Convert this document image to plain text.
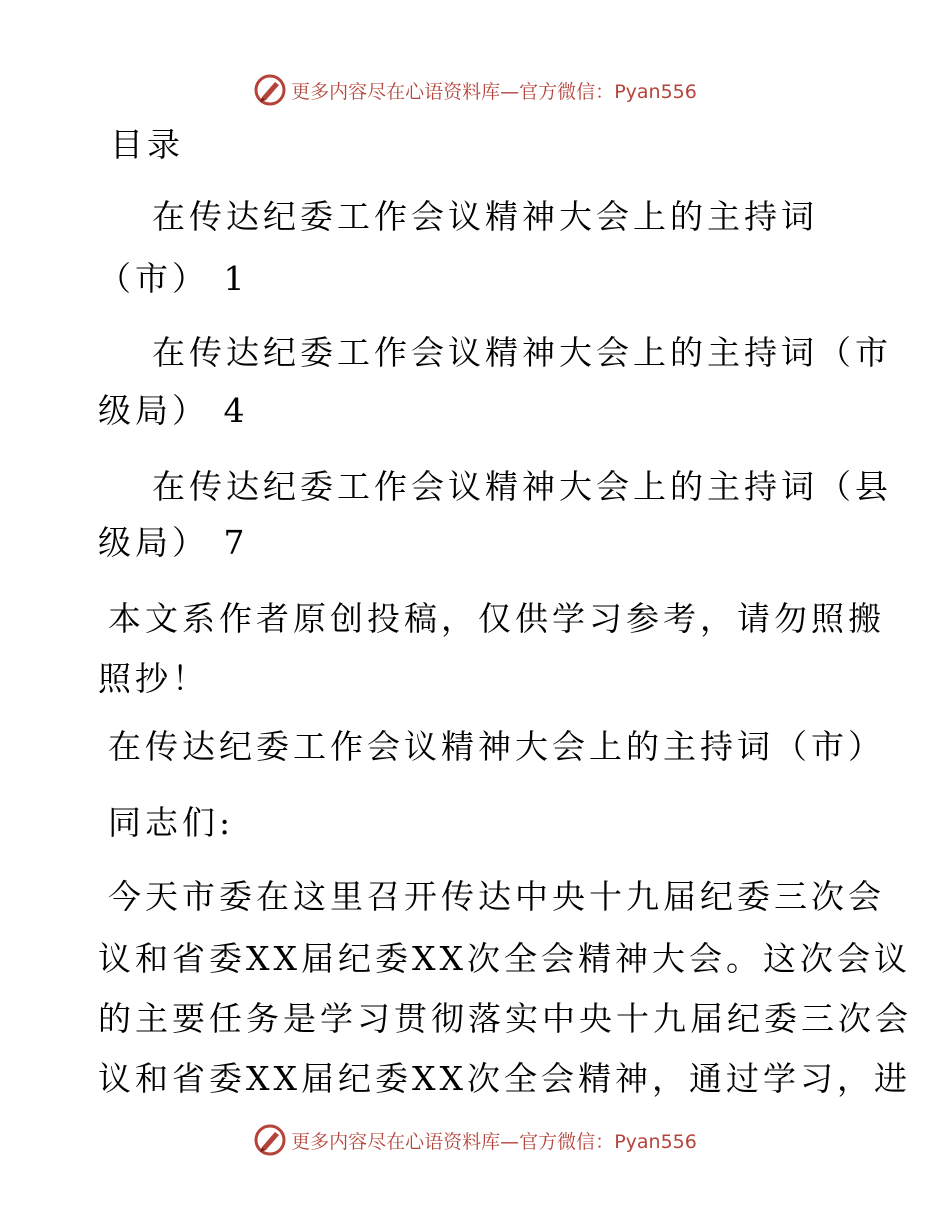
更多内容尽在心语资料库—官方微信：Pyan556
目录
在传达纪委工作会议精神大会上的主持词
（市） 1
在传达纪委工作会议精神大会上的主持词（市
级局） 4
在传达纪委工作会议精神大会上的主持词（县
级局） 7
本文系作者原创投稿，仅供学习参考，请勿照搬
照抄！
在传达纪委工作会议精神大会上的主持词（市）
同志们:
今天市委在这里召开传达中央十九届纪委三次会
议和省委XX届纪委XX次全会精神大会。这次会议
的主要任务是学习贯彻落实中央十九届纪委三次会
议和省委XX届纪委XX次全会精神，通过学习，进
更多内容尽在心语资料库—官方微信：Pyan556
